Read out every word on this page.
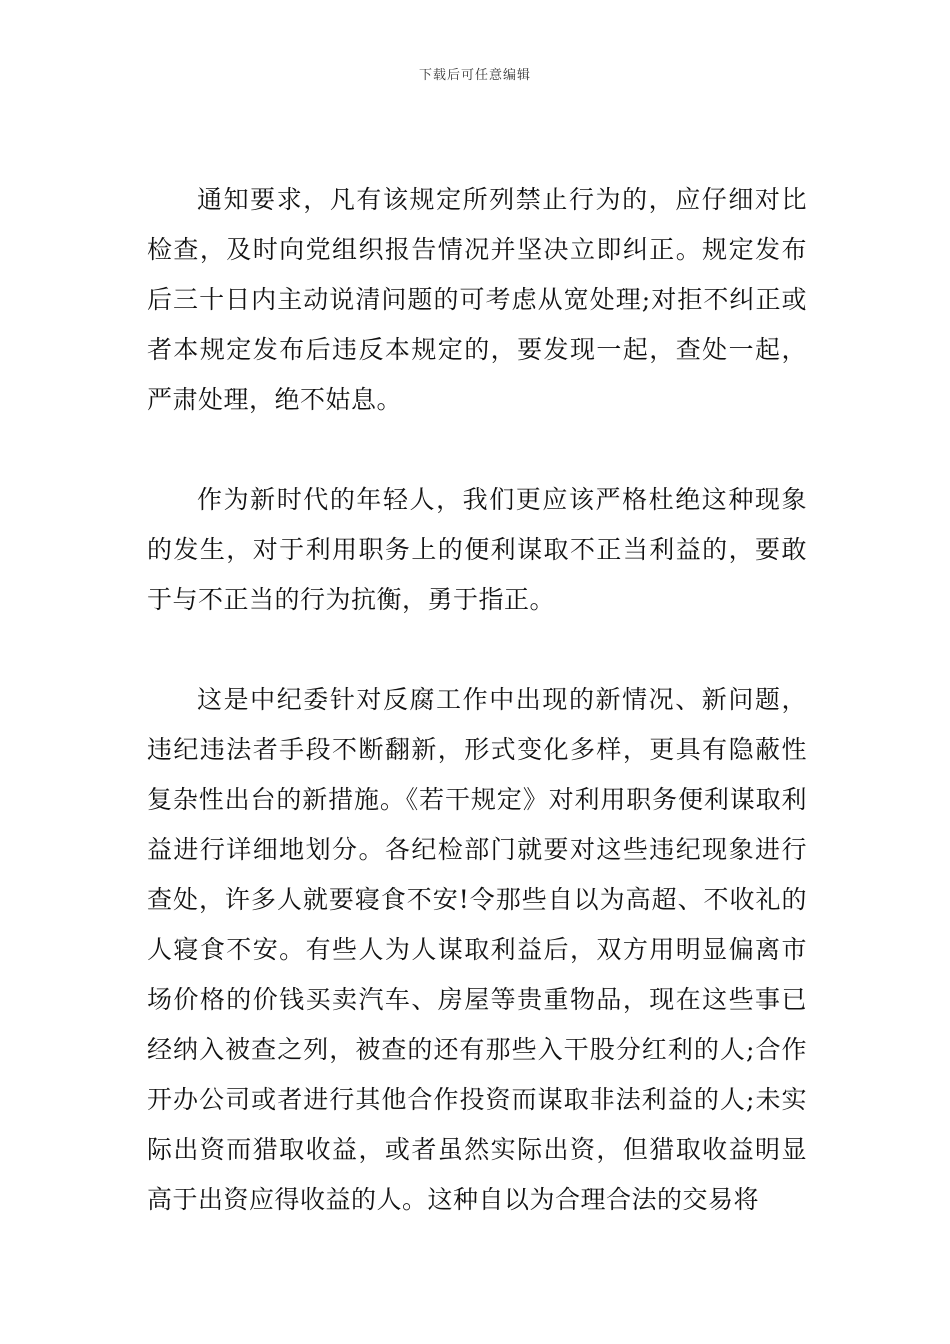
下载后可任意编辑

通知要求，凡有该规定所列禁止行为的，应仔细对比检查，及时向党组织报告情况并坚决立即纠正。规定发布后三十日内主动说清问题的可考虑从宽处理;对拒不纠正或者本规定发布后违反本规定的，要发现一起，查处一起，严肃处理，绝不姑息。

作为新时代的年轻人，我们更应该严格杜绝这种现象的发生，对于利用职务上的便利谋取不正当利益的，要敢于与不正当的行为抗衡，勇于指正。

这是中纪委针对反腐工作中出现的新情况、新问题，违纪违法者手段不断翻新，形式变化多样，更具有隐蔽性复杂性出台的新措施。《若干规定》对利用职务便利谋取利益进行详细地划分。各纪检部门就要对这些违纪现象进行查处，许多人就要寝食不安!令那些自以为高超、不收礼的人寝食不安。有些人为人谋取利益后，双方用明显偏离市场价格的价钱买卖汽车、房屋等贵重物品，现在这些事已经纳入被查之列，被查的还有那些入干股分红利的人;合作开办公司或者进行其他合作投资而谋取非法利益的人;未实际出资而猎取收益，或者虽然实际出资，但猎取收益明显高于出资应得收益的人。这种自以为合理合法的交易将
